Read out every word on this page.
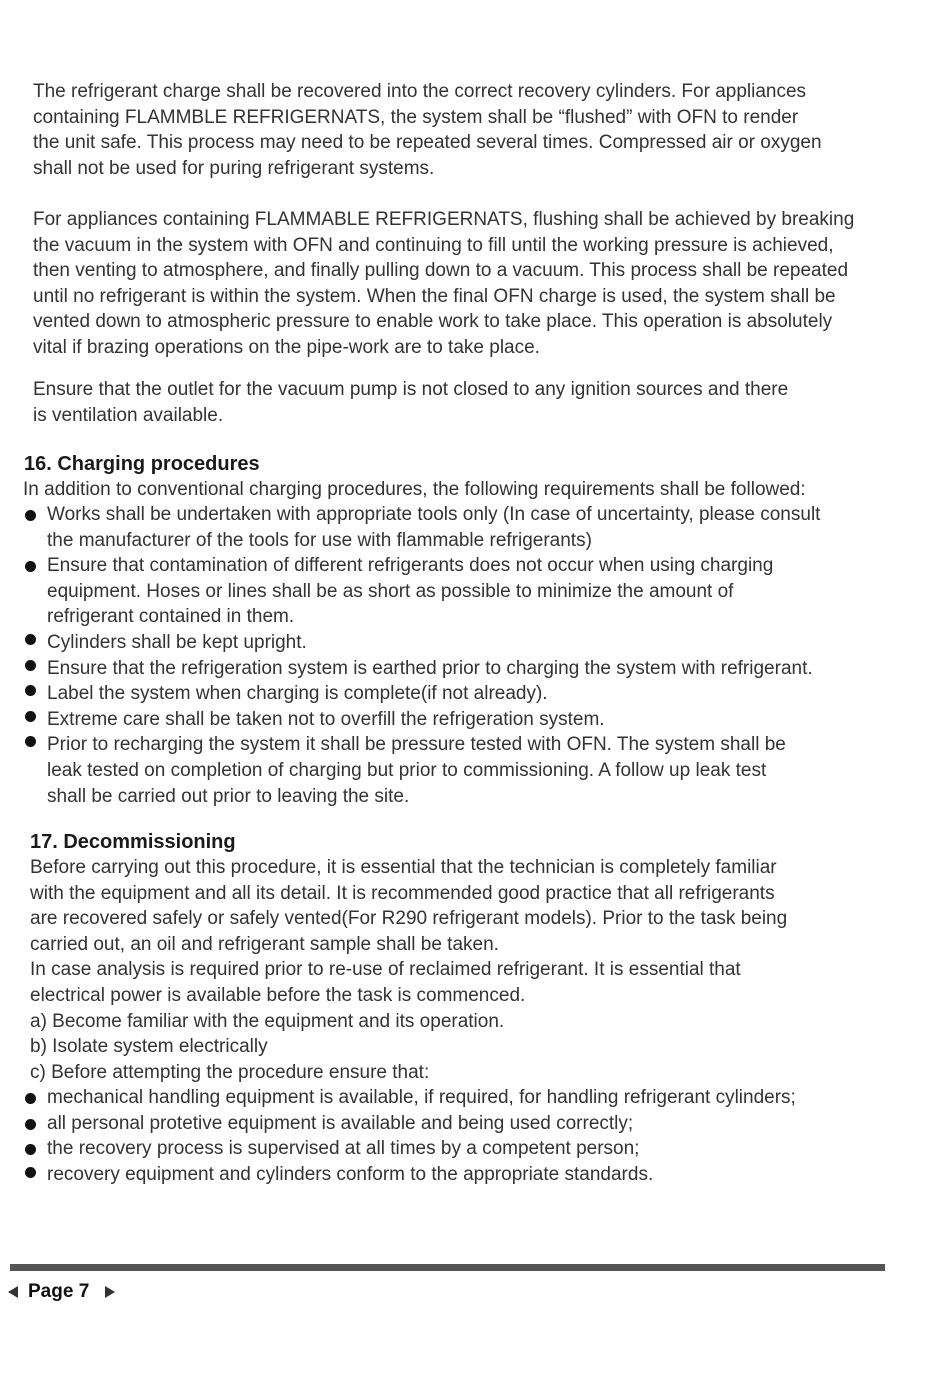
The refrigerant charge shall be recovered into the correct recovery cylinders. For appliances
containing FLAMMBLE REFRIGERNATS, the system shall be “flushed” with OFN to render
the unit safe. This process may need to be repeated several times. Compressed air or oxygen
shall not be used for puring refrigerant systems.
For appliances containing FLAMMABLE REFRIGERNATS, flushing shall be achieved by breaking
the vacuum in the system with OFN and continuing to fill until the working pressure is achieved,
then venting to atmosphere, and finally pulling down to a vacuum. This process shall be repeated
until no refrigerant is within the system. When the final OFN charge is used, the system shall be
vented down to atmospheric pressure to enable work to take place. This operation is absolutely
vital if brazing operations on the pipe-work are to take place.
Ensure that the outlet for the vacuum pump is not closed to any ignition sources and there
is ventilation available.
16. Charging procedures
In addition to conventional charging procedures, the following requirements shall be followed:
Works shall be undertaken with appropriate tools only (In case of uncertainty, please consult
the manufacturer of the tools for use with flammable refrigerants)
Ensure that contamination of different refrigerants does not occur when using charging
equipment. Hoses or lines shall be as short as possible to minimize the amount of
refrigerant contained in them.
Cylinders shall be kept upright.
Ensure that the refrigeration system is earthed prior to charging the system with refrigerant.
Label the system when charging is complete(if not already).
Extreme care shall be taken not to overfill the refrigeration system.
Prior to recharging the system it shall be pressure tested with OFN. The system shall be
leak tested on completion of charging but prior to commissioning. A follow up leak test
shall be carried out prior to leaving the site.
17. Decommissioning
Before carrying out this procedure, it is essential that the technician is completely familiar
with the equipment and all its detail. It is recommended good practice that all refrigerants
are recovered safely or safely vented(For R290 refrigerant models). Prior to the task being
carried out, an oil and refrigerant sample shall be taken.
In case analysis is required prior to re-use of reclaimed refrigerant. It is essential that
electrical power is available before the task is commenced.
a) Become familiar with the equipment and its operation.
b) Isolate system electrically
c) Before attempting the procedure ensure that:
mechanical handling equipment is available, if required, for handling refrigerant cylinders;
all personal protetive equipment is available and being used correctly;
the recovery process is supervised at all times by a competent person;
recovery equipment and cylinders conform to the appropriate standards.
Page 7
